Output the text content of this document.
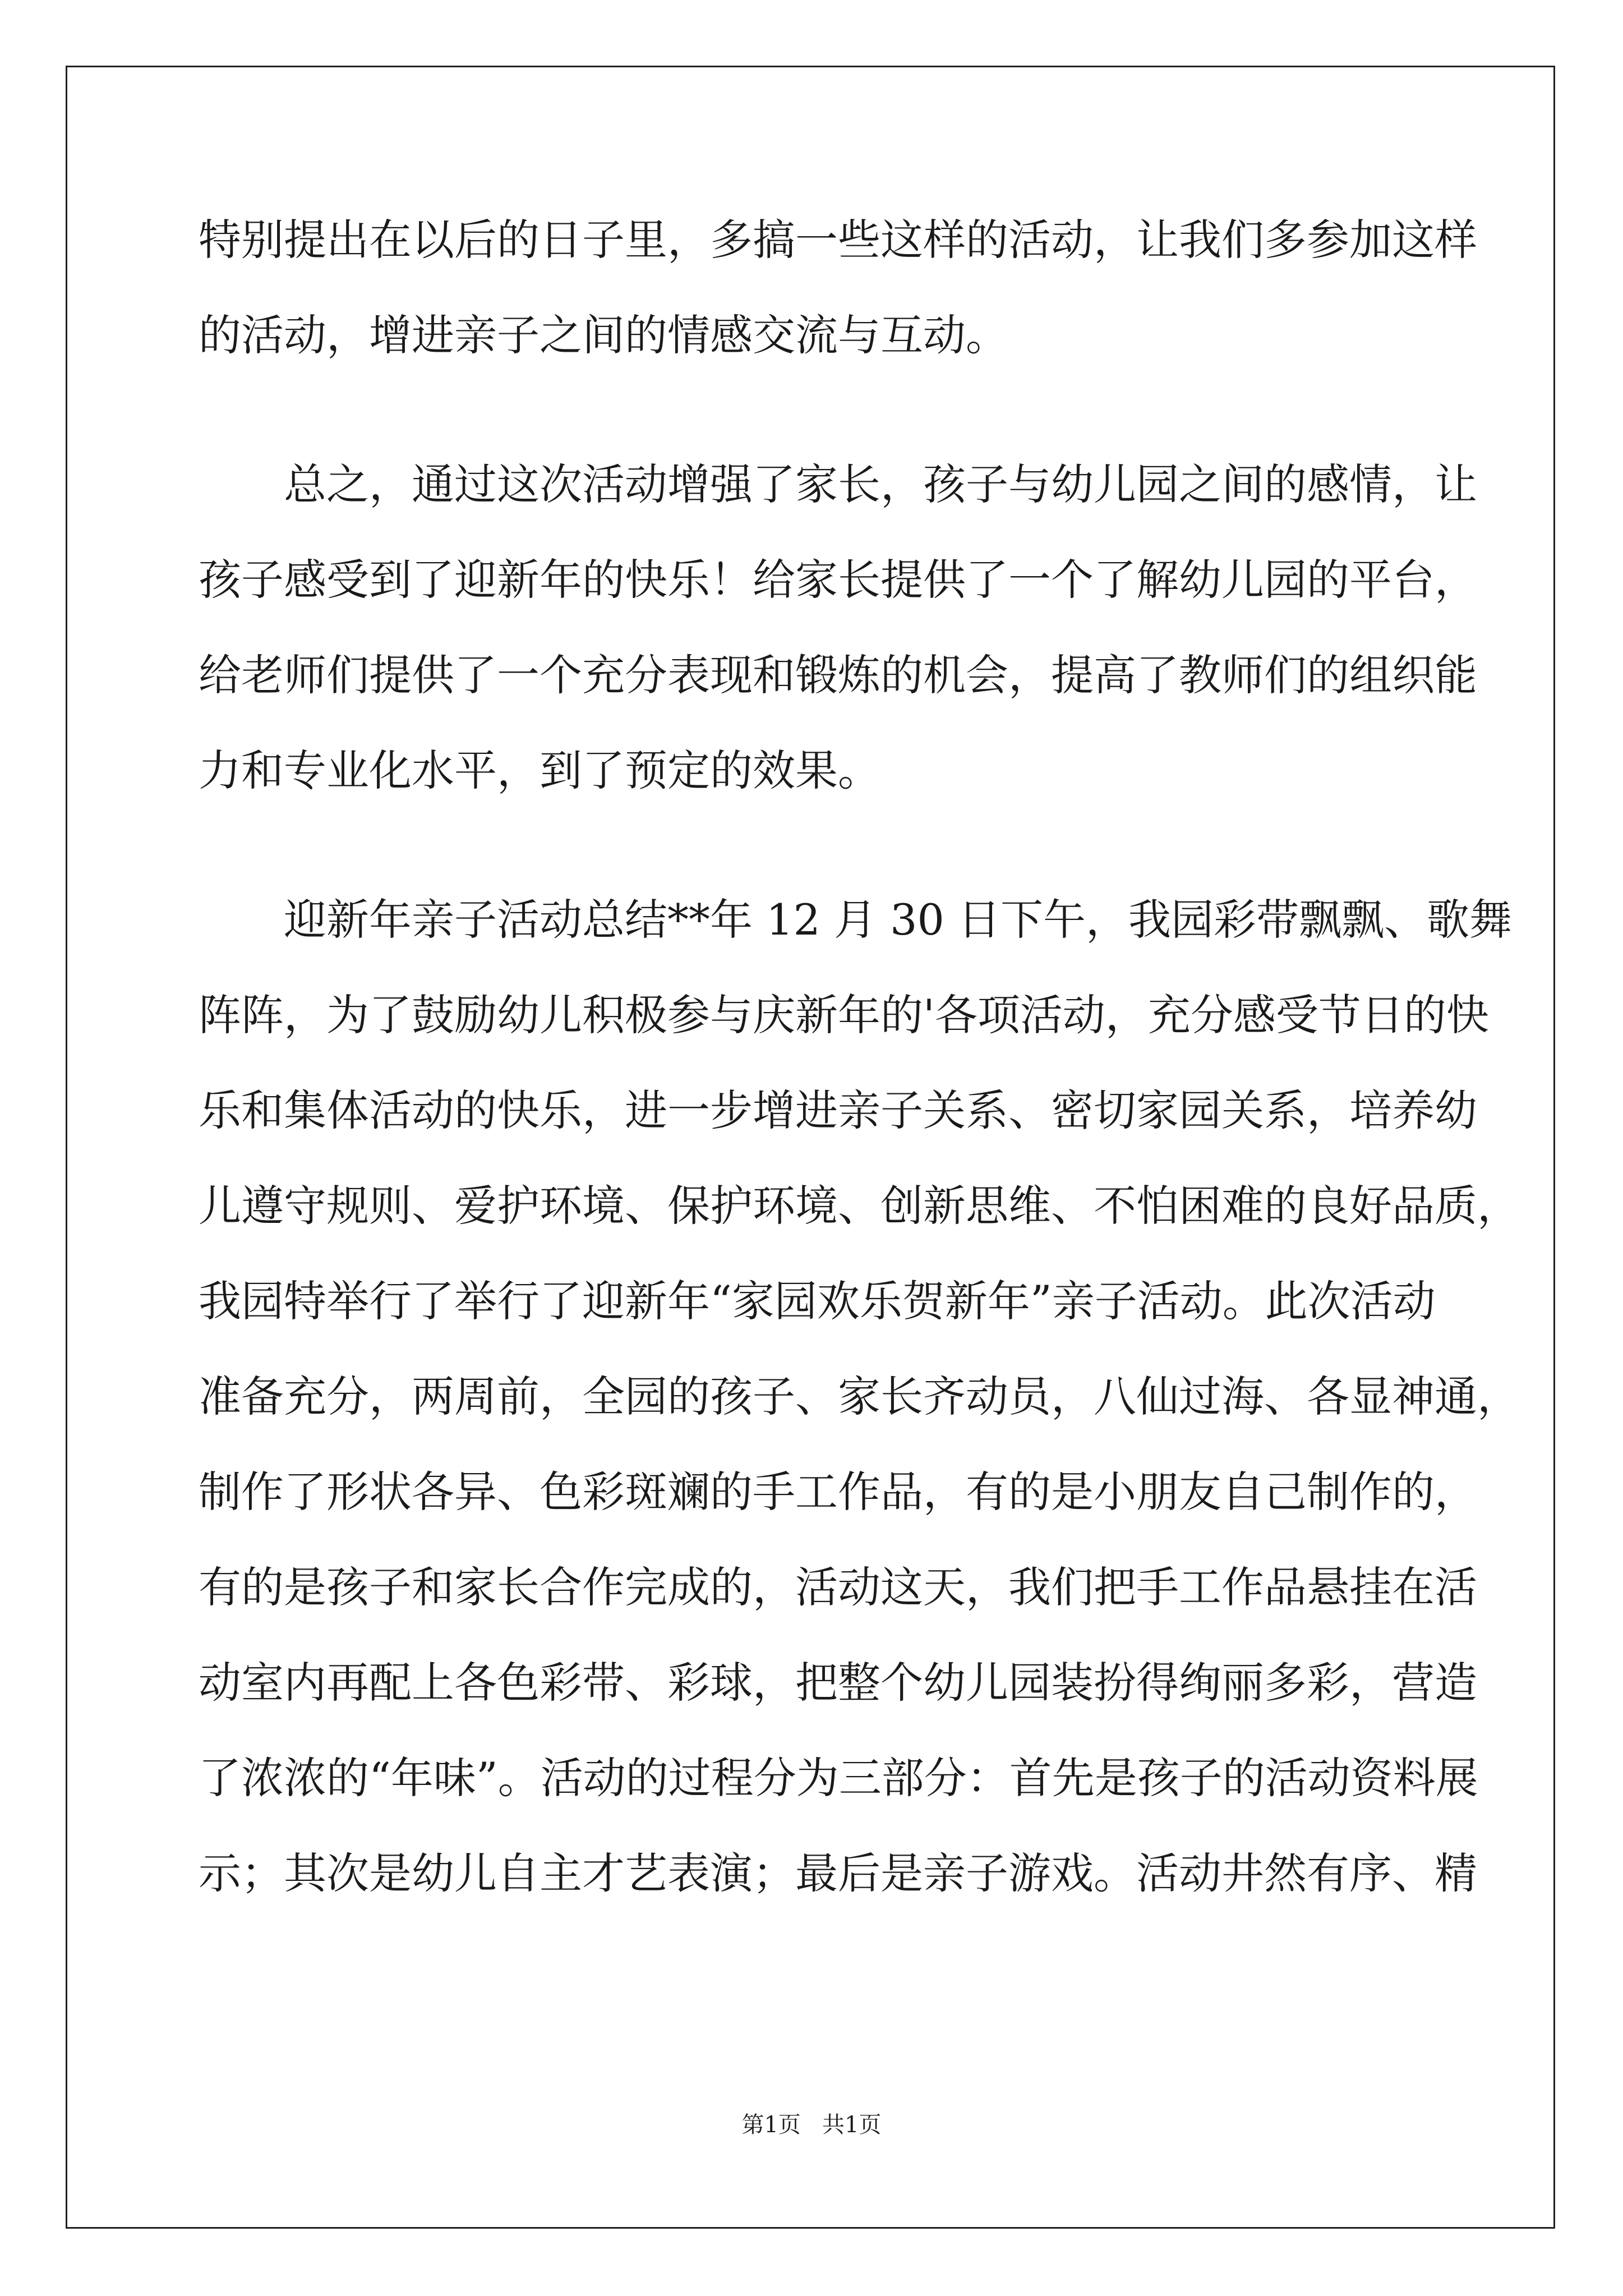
特别提出在以后的日子里，多搞一些这样的活动，让我们多参加这样

的活动，增进亲子之间的情感交流与互动。

　　总之，通过这次活动增强了家长，孩子与幼儿园之间的感情，让

孩子感受到了迎新年的快乐！给家长提供了一个了解幼儿园的平台，

给老师们提供了一个充分表现和锻炼的机会，提高了教师们的组织能

力和专业化水平，到了预定的效果。

　　迎新年亲子活动总结**年 12 月 30 日下午，我园彩带飘飘、歌舞

阵阵，为了鼓励幼儿积极参与庆新年的'各项活动，充分感受节日的快

乐和集体活动的快乐，进一步增进亲子关系、密切家园关系，培养幼

儿遵守规则、爱护环境、保护环境、创新思维、不怕困难的良好品质，

我园特举行了举行了迎新年“家园欢乐贺新年”亲子活动。此次活动

准备充分，两周前，全园的孩子、家长齐动员，八仙过海、各显神通，

制作了形状各异、色彩斑斓的手工作品，有的是小朋友自己制作的，

有的是孩子和家长合作完成的，活动这天，我们把手工作品悬挂在活

动室内再配上各色彩带、彩球，把整个幼儿园装扮得绚丽多彩，营造

了浓浓的“年味”。活动的过程分为三部分：首先是孩子的活动资料展

示；其次是幼儿自主才艺表演；最后是亲子游戏。活动井然有序、精

第1页   共1页
